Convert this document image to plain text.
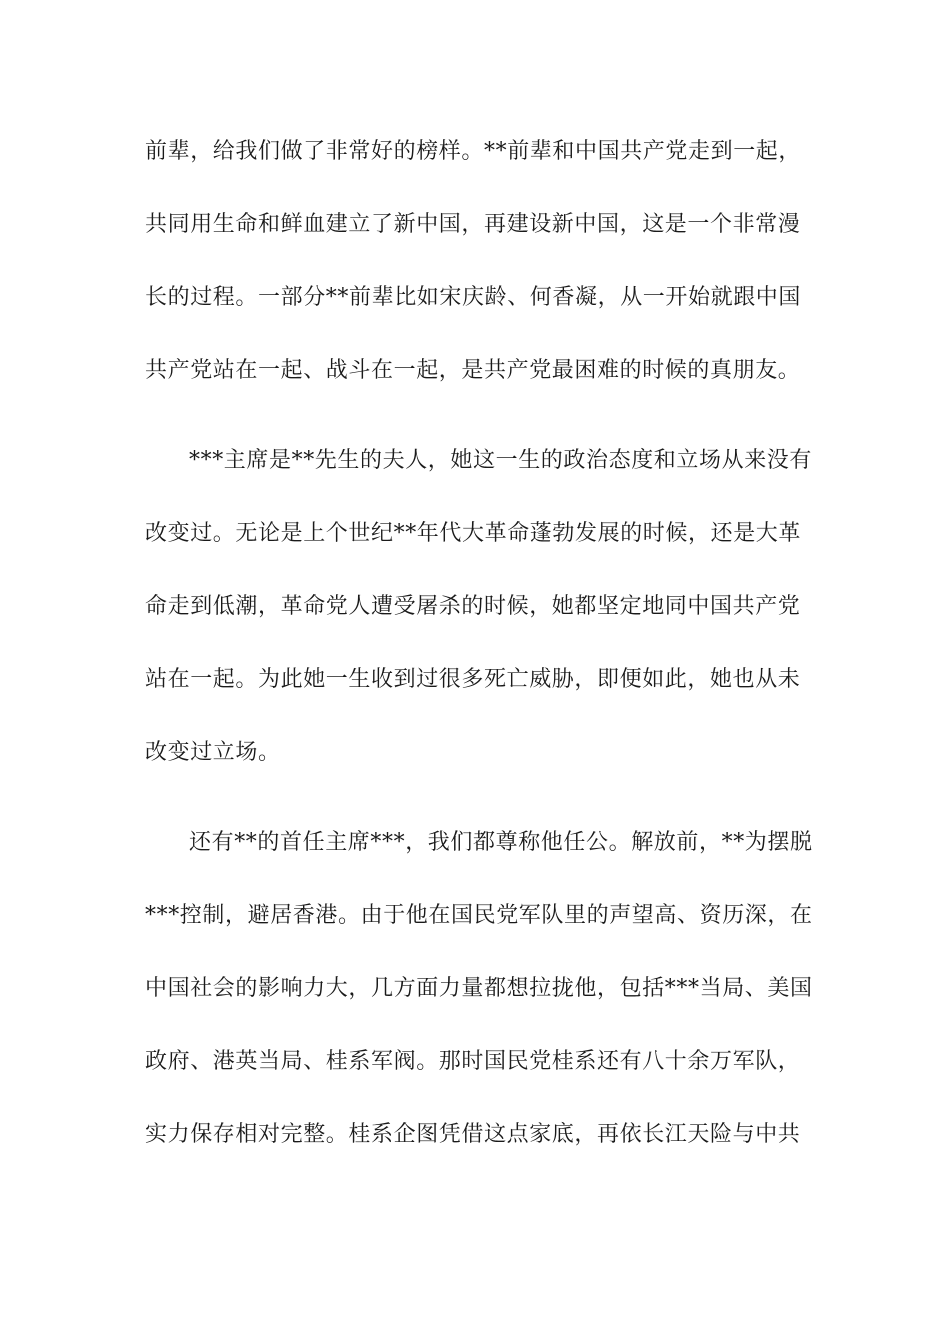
前辈，给我们做了非常好的榜样。**前辈和中国共产党走到一起，
共同用生命和鲜血建立了新中国，再建设新中国，这是一个非常漫
长的过程。一部分**前辈比如宋庆龄、何香凝，从一开始就跟中国
共产党站在一起、战斗在一起，是共产党最困难的时候的真朋友。
***主席是**先生的夫人，她这一生的政治态度和立场从来没有
改变过。无论是上个世纪**年代大革命蓬勃发展的时候，还是大革
命走到低潮，革命党人遭受屠杀的时候，她都坚定地同中国共产党
站在一起。为此她一生收到过很多死亡威胁，即便如此，她也从未
改变过立场。
还有**的首任主席***，我们都尊称他任公。解放前，**为摆脱
***控制，避居香港。由于他在国民党军队里的声望高、资历深，在
中国社会的影响力大，几方面力量都想拉拢他，包括***当局、美国
政府、港英当局、桂系军阀。那时国民党桂系还有八十余万军队，
实力保存相对完整。桂系企图凭借这点家底，再依长江天险与中共
